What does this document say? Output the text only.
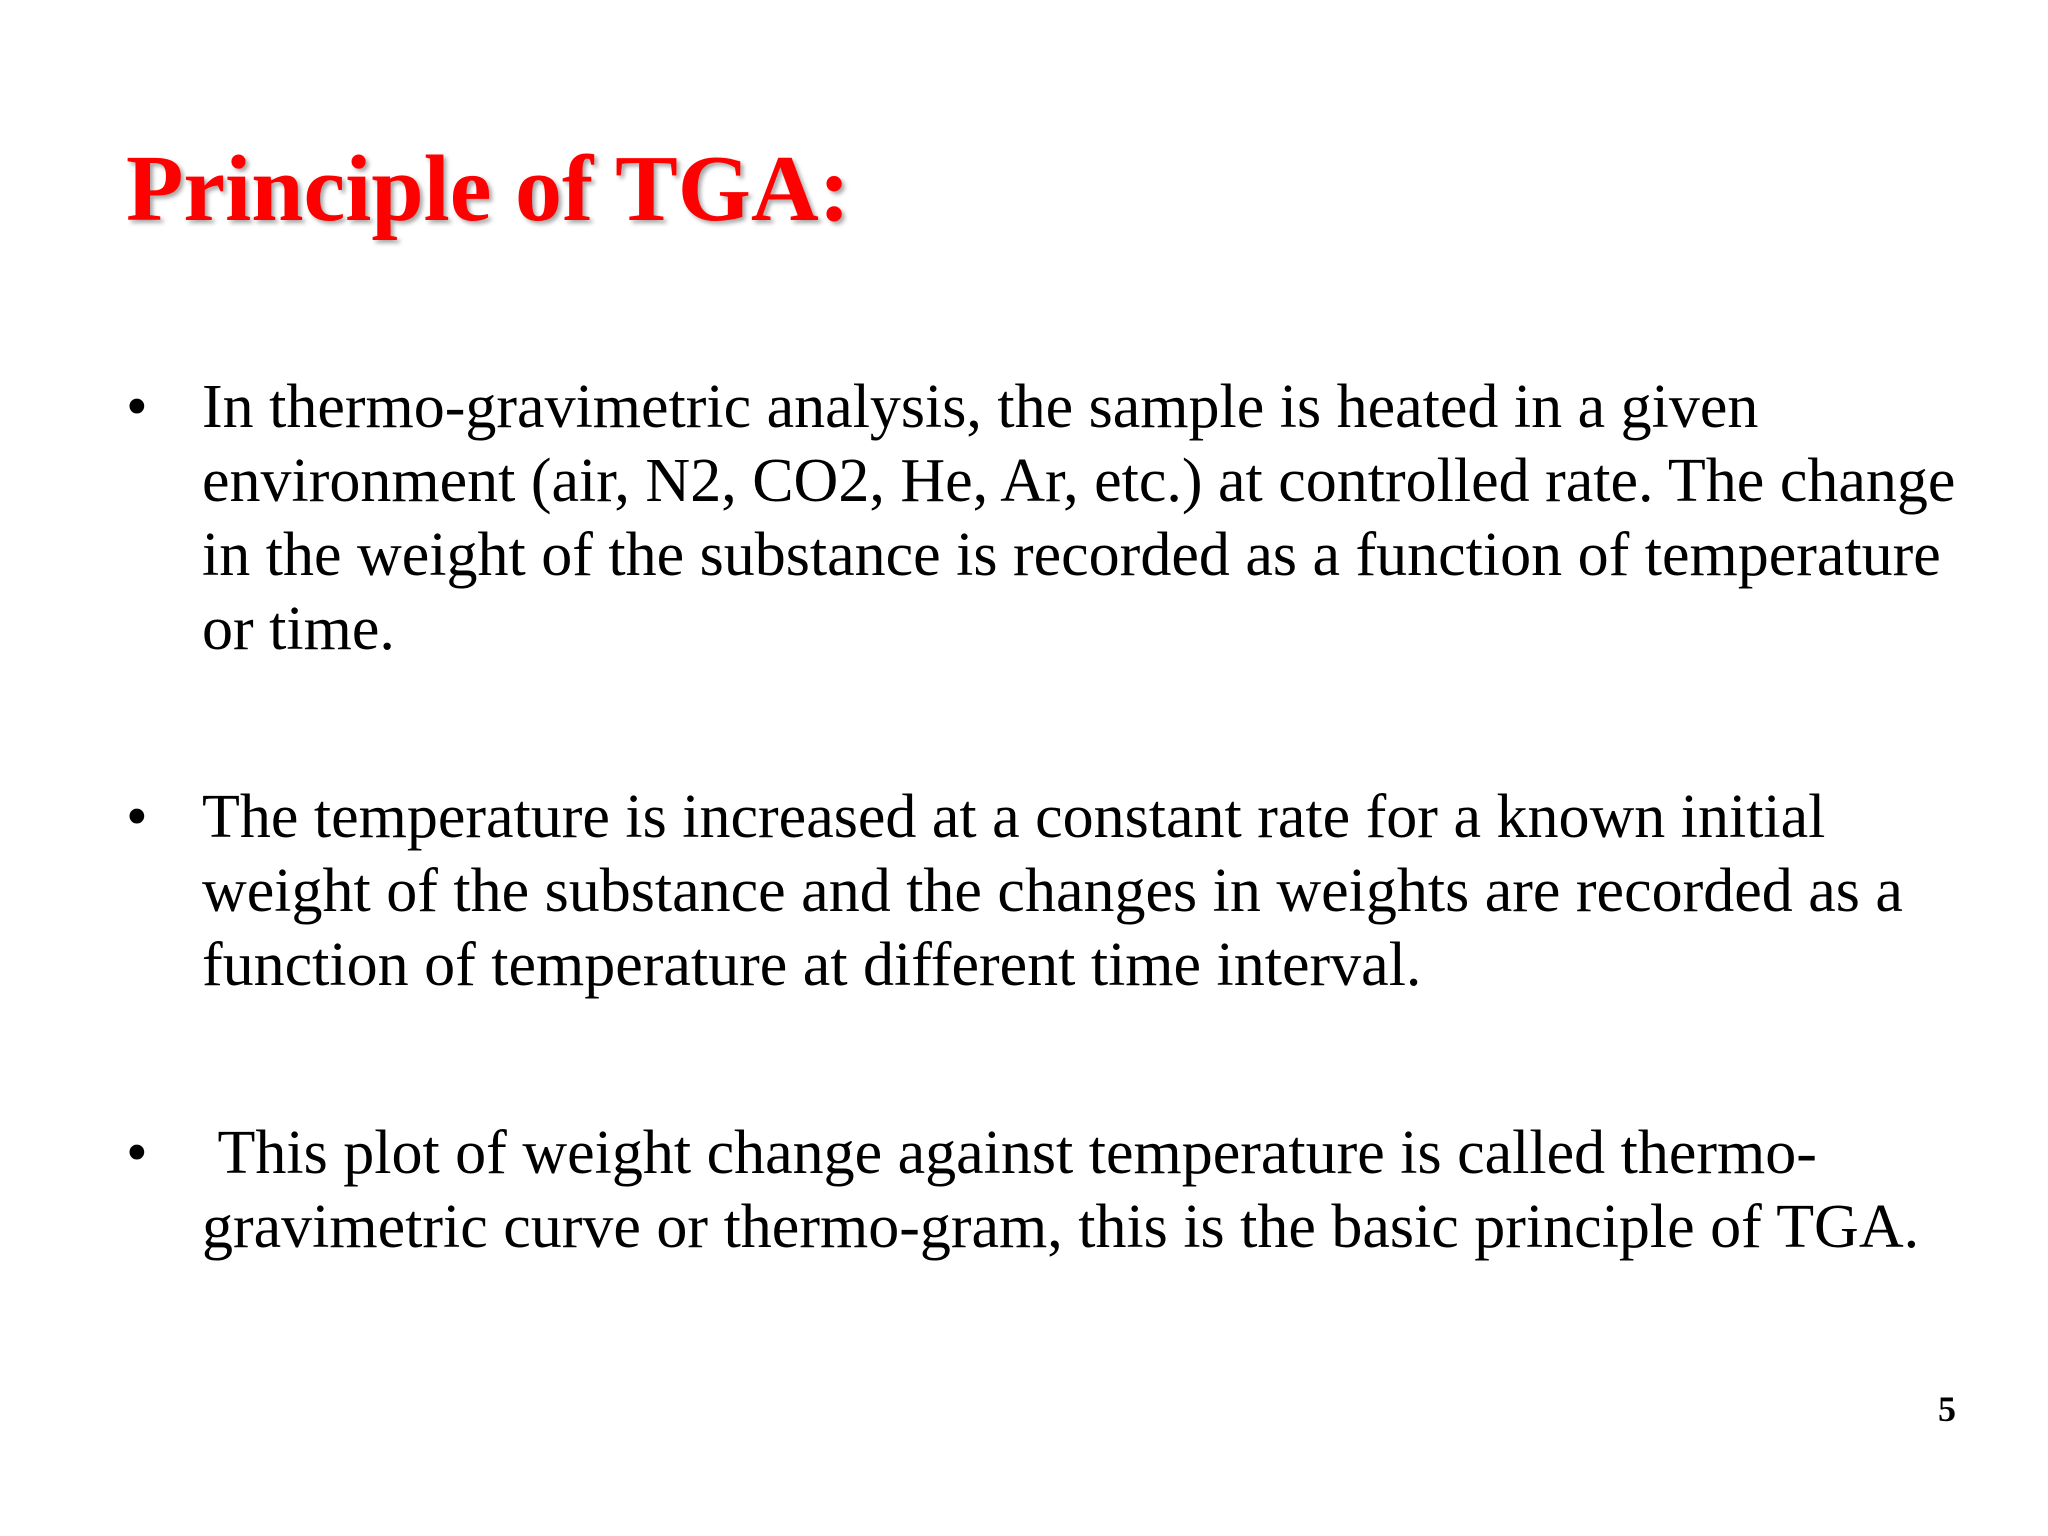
Principle of TGA:
• In thermo-gravimetric analysis, the sample is heated in a given environment (air, N2, CO2, He, Ar, etc.) at controlled rate. The change in the weight of the substance is recorded as a function of temperature or time.
• The temperature is increased at a constant rate for a known initial weight of the substance and the changes in weights are recorded as a function of temperature at different time interval.
• This plot of weight change against temperature is called thermo-gravimetric curve or thermo-gram, this is the basic principle of TGA.
5
